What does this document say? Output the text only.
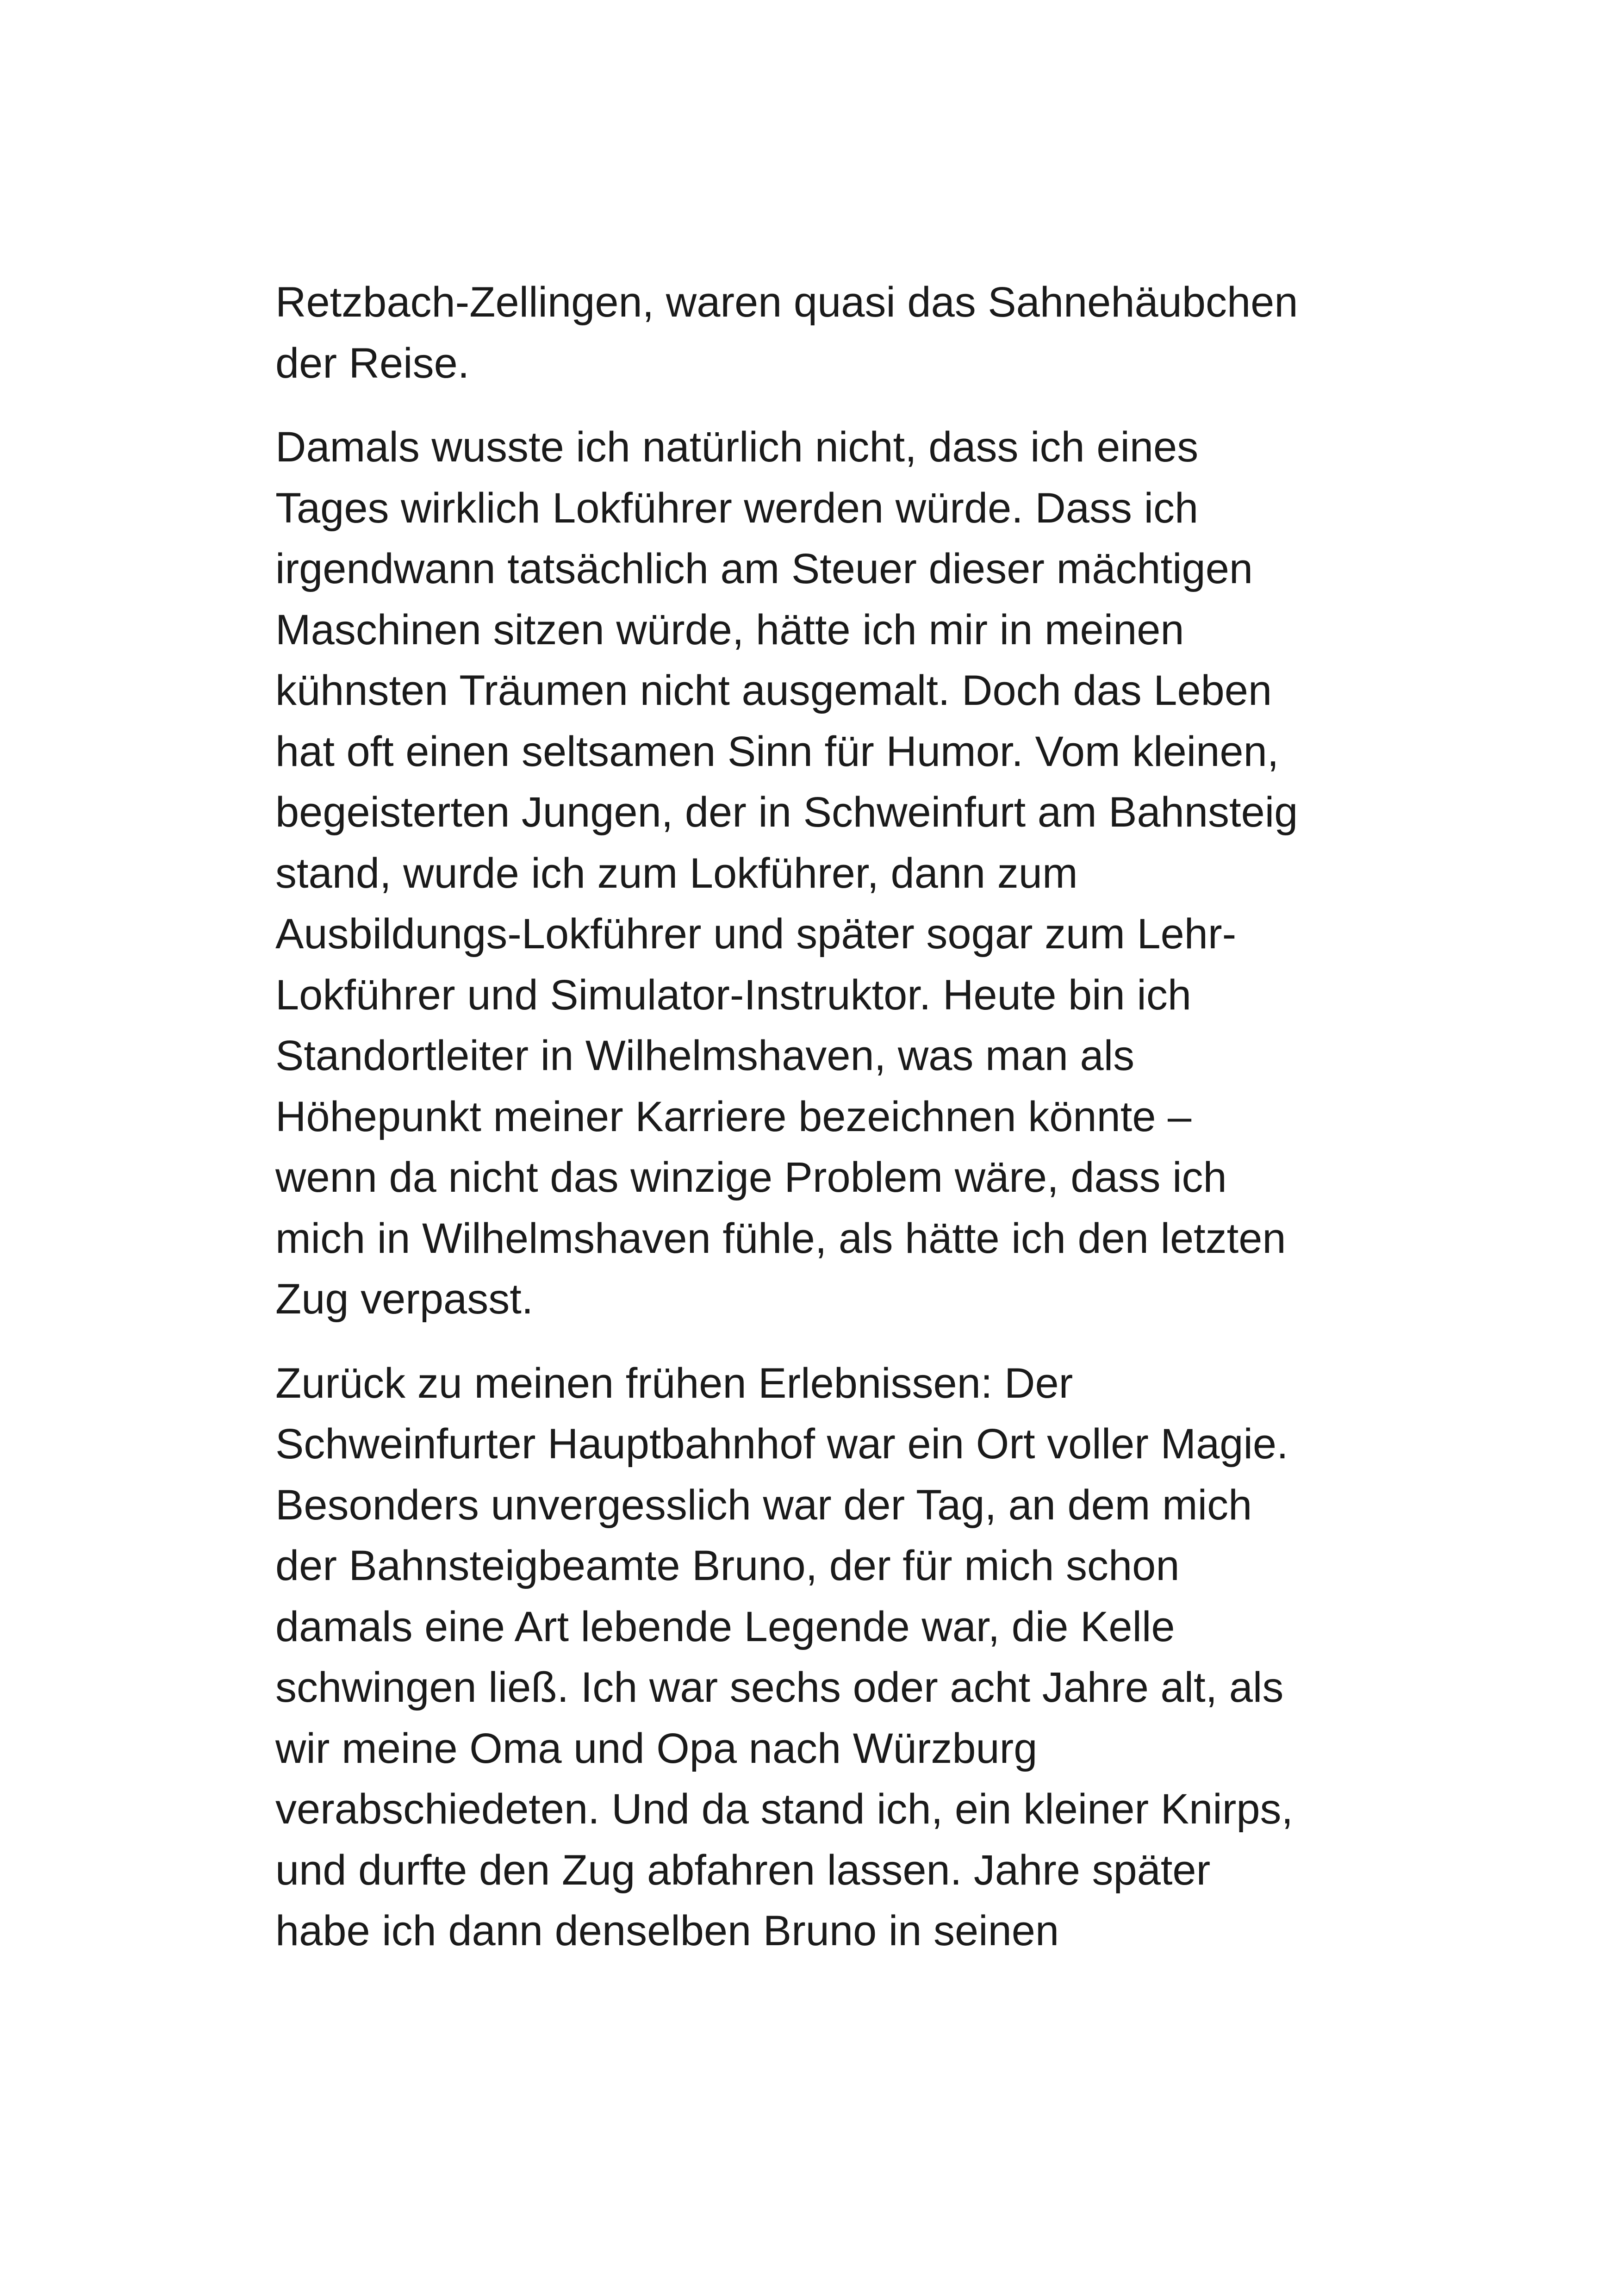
Retzbach-Zellingen, waren quasi das Sahnehäubchen
der Reise.

Damals wusste ich natürlich nicht, dass ich eines
Tages wirklich Lokführer werden würde. Dass ich
irgendwann tatsächlich am Steuer dieser mächtigen
Maschinen sitzen würde, hätte ich mir in meinen
kühnsten Träumen nicht ausgemalt. Doch das Leben
hat oft einen seltsamen Sinn für Humor. Vom kleinen,
begeisterten Jungen, der in Schweinfurt am Bahnsteig
stand, wurde ich zum Lokführer, dann zum
Ausbildungs-Lokführer und später sogar zum Lehr-
Lokführer und Simulator-Instruktor. Heute bin ich
Standortleiter in Wilhelmshaven, was man als
Höhepunkt meiner Karriere bezeichnen könnte –
wenn da nicht das winzige Problem wäre, dass ich
mich in Wilhelmshaven fühle, als hätte ich den letzten
Zug verpasst.

Zurück zu meinen frühen Erlebnissen: Der
Schweinfurter Hauptbahnhof war ein Ort voller Magie.
Besonders unvergesslich war der Tag, an dem mich
der Bahnsteigbeamte Bruno, der für mich schon
damals eine Art lebende Legende war, die Kelle
schwingen ließ. Ich war sechs oder acht Jahre alt, als
wir meine Oma und Opa nach Würzburg
verabschiedeten. Und da stand ich, ein kleiner Knirps,
und durfte den Zug abfahren lassen. Jahre später
habe ich dann denselben Bruno in seinen
